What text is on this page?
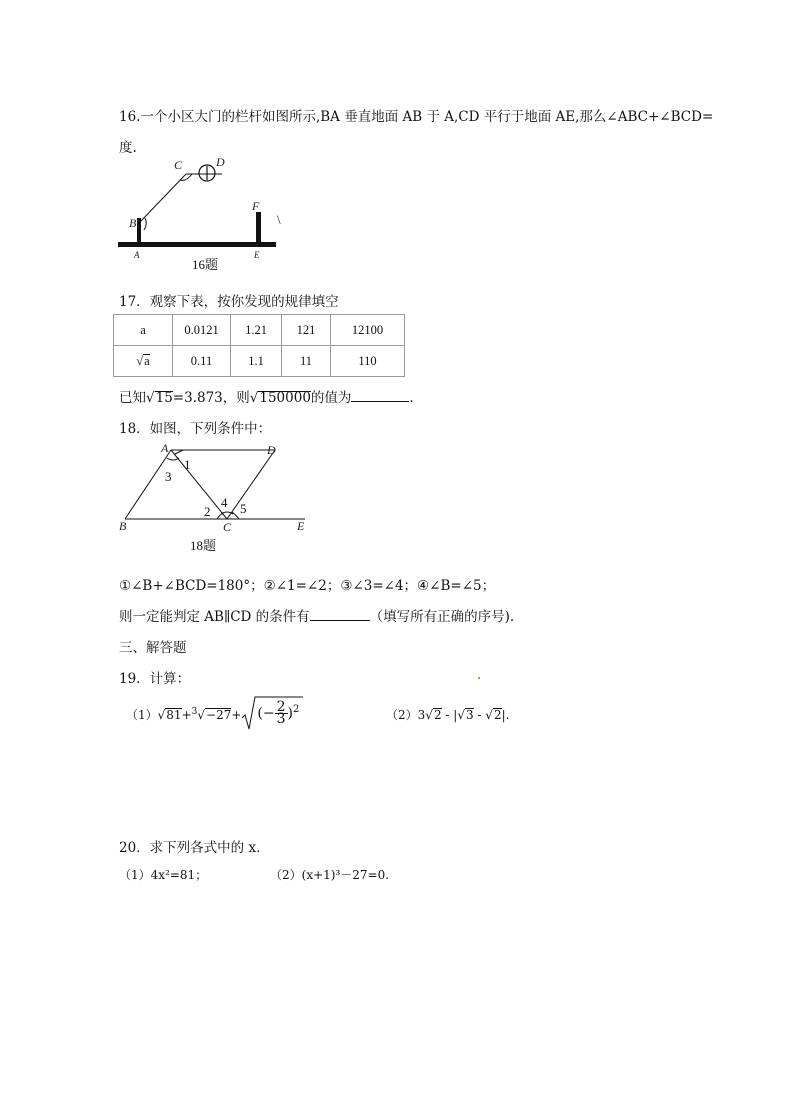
16.一个小区大门的栏杆如图所示,BA 垂直地面 AB 于 A,CD 平行于地面 AE,那么∠ABC+∠BCD=
度.
C	D
B
F
A	E
\
16题
17．观察下表，按你发现的规律填空
a	0.0121	1.21	121	12100
√a	0.11	1.1	11	110
已知√15=3.873，则√150000的值为	.
18．如图，下列条件中：
A	D
B	C	E
1
3
4
2 5
18题
①∠B+∠BCD=180°；②∠1=∠2；③∠3=∠4；④∠B=∠5；
则一定能判定 AB∥CD 的条件有	（填写所有正确的序号).
三、解答题
19．计算：
（1）√81+$^3$√−27+ (− $\frac{2}{3} )^2$	（2）3√2 - |√3 - √2|.
20．求下列各式中的 x．
（1）4x²=81；	（2）(x+1)³－27=0.
